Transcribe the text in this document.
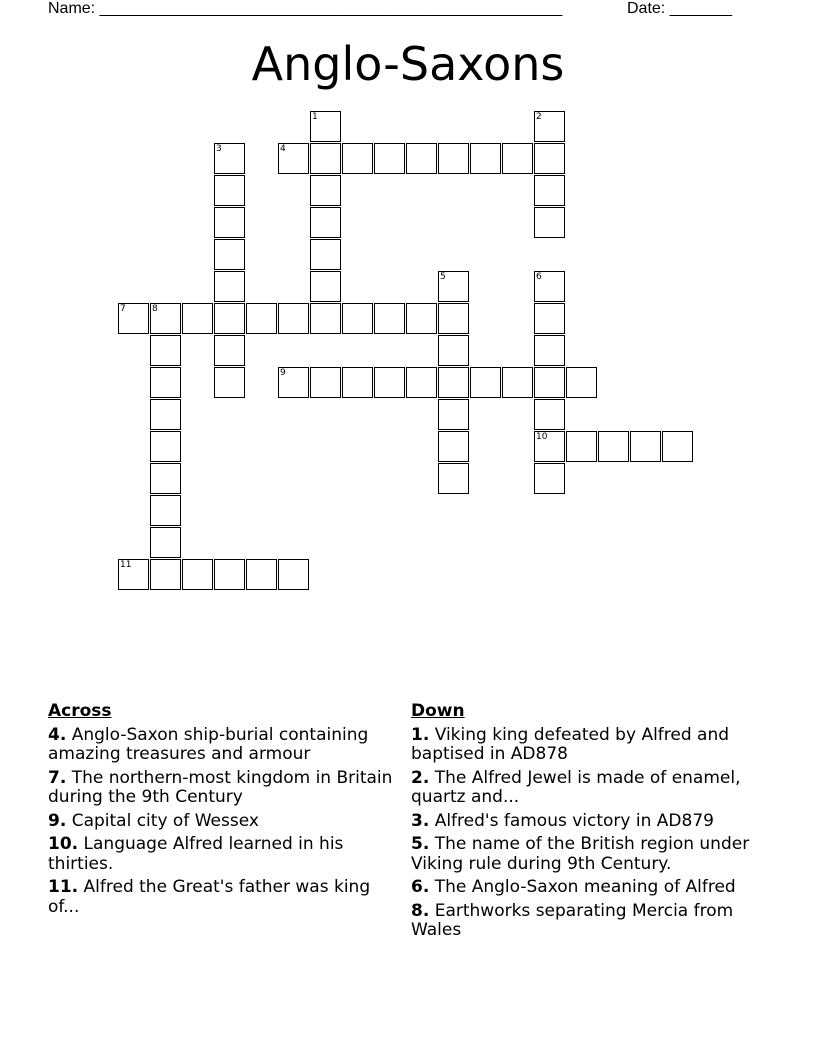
Name: ____________________________________________________	Date: _______
Anglo-Saxons
1	2
3	4
5	6
10
7	8
9
11
Across
4. Anglo-Saxon ship-burial containing amazing treasures and armour
7. The northern-most kingdom in Britain during the 9th Century
9. Capital city of Wessex
10. Language Alfred learned in his thirties.
11. Alfred the Great's father was king of...
Down
1. Viking king defeated by Alfred and baptised in AD878
2. The Alfred Jewel is made of enamel, quartz and...
3. Alfred's famous victory in AD879
5. The name of the British region under Viking rule during 9th Century.
6. The Anglo-Saxon meaning of Alfred
8. Earthworks separating Mercia from Wales
